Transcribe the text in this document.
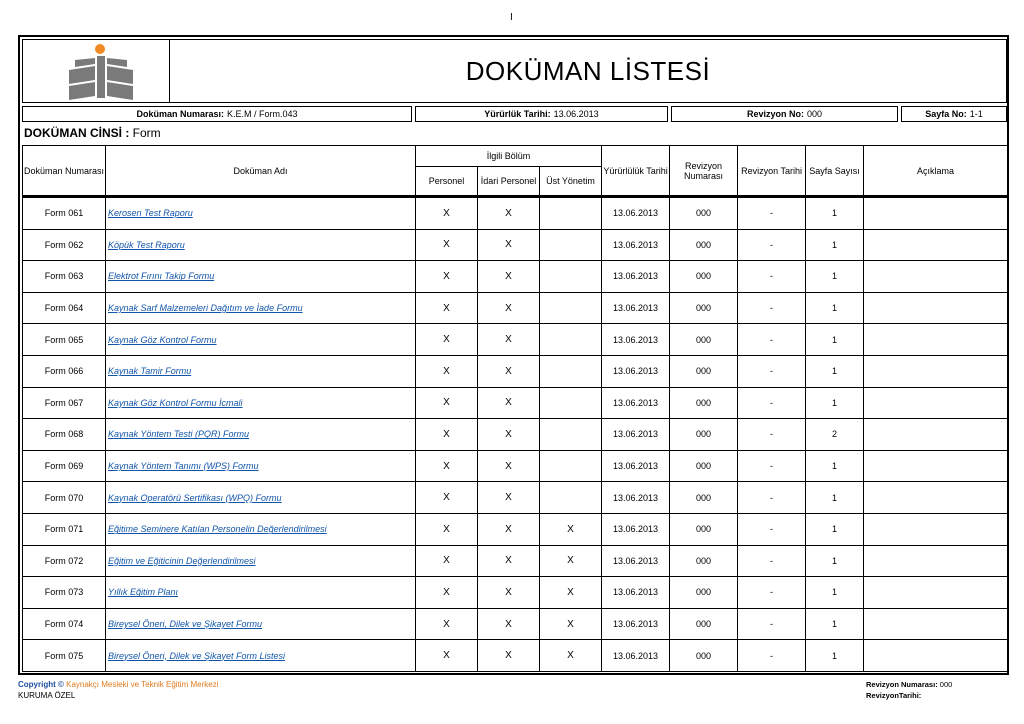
I
DOKÜMAN LİSTESİ
Doküman Numarası: K.E.M / Form.043	Yürürlük Tarihi: 13.06.2013	Revizyon No: 000	Sayfa No: 1-1
DOKÜMAN CİNSİ : Form
Doküman Numarası	Doküman Adı	İlgili Bölüm			Yürürlülük Tarihi	Revizyon Numarası	Revizyon Tarihi	Sayfa Sayısı	Açıklama
		Personel	İdari Personel	Üst Yönetim					
Form 061	Kerosen Test Raporu	X	X		13.06.2013	000	-	1	
Form 062	Köpük Test Raporu	X	X		13.06.2013	000	-	1	
Form 063	Elektrot Fırını Takip Formu	X	X		13.06.2013	000	-	1	
Form 064	Kaynak Sarf Malzemeleri Dağıtım ve İade Formu	X	X		13.06.2013	000	-	1	
Form 065	Kaynak Göz Kontrol Formu	X	X		13.06.2013	000	-	1	
Form 066	Kaynak Tamir Formu	X	X		13.06.2013	000	-	1	
Form 067	Kaynak Göz Kontrol Formu İcmali	X	X		13.06.2013	000	-	1	
Form 068	Kaynak Yöntem Testi (PQR) Formu	X	X		13.06.2013	000	-	2	
Form 069	Kaynak Yöntem Tanımı (WPS) Formu	X	X		13.06.2013	000	-	1	
Form 070	Kaynak Operatörü Sertifikası (WPQ) Formu	X	X		13.06.2013	000	-	1	
Form 071	Eğitime Seminere Katılan Personelin Değerlendirilmesi	X	X	X	13.06.2013	000	-	1	
Form 072	Eğitim ve Eğiticinin Değerlendirilmesi	X	X	X	13.06.2013	000	-	1	
Form 073	Yıllık Eğitim Planı	X	X	X	13.06.2013	000	-	1	
Form 074	Bireysel Öneri, Dilek ve Şikayet Formu	X	X	X	13.06.2013	000	-	1	
Form 075	Bireysel Öneri, Dilek ve Şikayet Form Listesi	X	X	X	13.06.2013	000	-	1	
Copyright © Kaynakçı Mesleki ve Teknik Eğitim Merkezi
KURUMA ÖZEL
Revizyon Numarası: 000
RevizyonTarihi:
